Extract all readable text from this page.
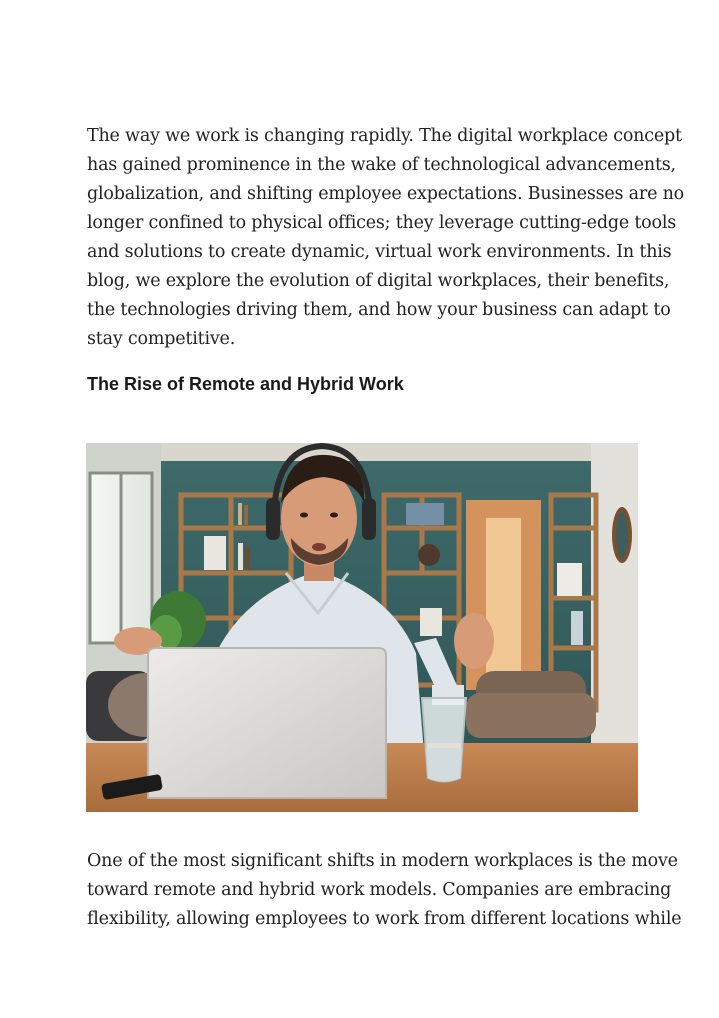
The way we work is changing rapidly. The digital workplace concept
has gained prominence in the wake of technological advancements,
globalization, and shifting employee expectations. Businesses are no
longer confined to physical offices; they leverage cutting-edge tools
and solutions to create dynamic, virtual work environments. In this
blog, we explore the evolution of digital workplaces, their benefits,
the technologies driving them, and how your business can adapt to
stay competitive.

The Rise of Remote and Hybrid Work

One of the most significant shifts in modern workplaces is the move
toward remote and hybrid work models. Companies are embracing
flexibility, allowing employees to work from different locations while
